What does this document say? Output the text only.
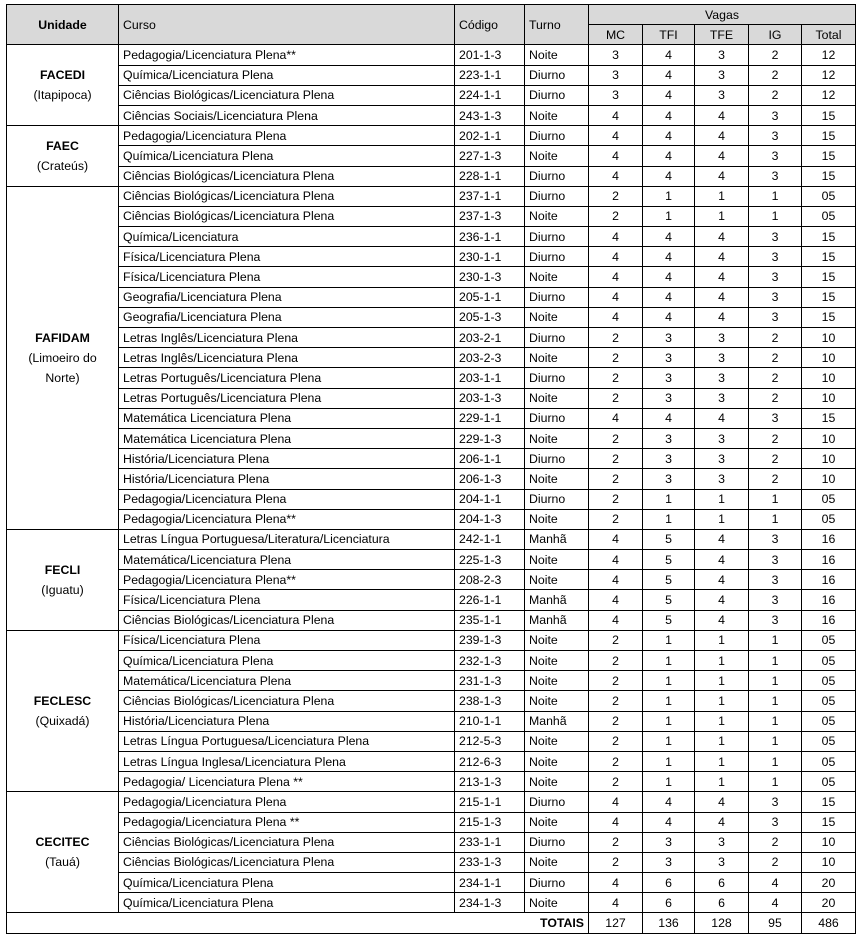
Unidade	Curso	Código	Turno	Vagas				
				MC	TFI	TFE	IG	Total

FACEDI
(Itapipoca)	Pedagogia/Licenciatura Plena**	201-1-3	Noite	3	4	3	2	12
	Química/Licenciatura Plena	223-1-1	Diurno	3	4	3	2	12
	Ciências Biológicas/Licenciatura Plena	224-1-1	Diurno	3	4	3	2	12
	Ciências Sociais/Licenciatura Plena	243-1-3	Noite	4	4	4	3	15

FAEC
(Crateús)	Pedagogia/Licenciatura Plena	202-1-1	Diurno	4	4	4	3	15
	Química/Licenciatura Plena	227-1-3	Noite	4	4	4	3	15
	Ciências Biológicas/Licenciatura Plena	228-1-1	Diurno	4	4	4	3	15

FAFIDAM
(Limoeiro do Norte)	Ciências Biológicas/Licenciatura Plena	237-1-1	Diurno	2	1	1	1	05
	Ciências Biológicas/Licenciatura Plena	237-1-3	Noite	2	1	1	1	05
	Química/Licenciatura	236-1-1	Diurno	4	4	4	3	15
	Física/Licenciatura Plena	230-1-1	Diurno	4	4	4	3	15
	Física/Licenciatura Plena	230-1-3	Noite	4	4	4	3	15
	Geografia/Licenciatura Plena	205-1-1	Diurno	4	4	4	3	15
	Geografia/Licenciatura Plena	205-1-3	Noite	4	4	4	3	15
	Letras Inglês/Licenciatura Plena	203-2-1	Diurno	2	3	3	2	10
	Letras Inglês/Licenciatura Plena	203-2-3	Noite	2	3	3	2	10
	Letras Português/Licenciatura Plena	203-1-1	Diurno	2	3	3	2	10
	Letras Português/Licenciatura Plena	203-1-3	Noite	2	3	3	2	10
	Matemática Licenciatura Plena	229-1-1	Diurno	4	4	4	3	15
	Matemática Licenciatura Plena	229-1-3	Noite	2	3	3	2	10
	História/Licenciatura Plena	206-1-1	Diurno	2	3	3	2	10
	História/Licenciatura Plena	206-1-3	Noite	2	3	3	2	10
	Pedagogia/Licenciatura Plena	204-1-1	Diurno	2	1	1	1	05
	Pedagogia/Licenciatura Plena**	204-1-3	Noite	2	1	1	1	05

FECLI
(Iguatu)	Letras Língua Portuguesa/Literatura/Licenciatura	242-1-1	Manhã	4	5	4	3	16
	Matemática/Licenciatura Plena	225-1-3	Noite	4	5	4	3	16
	Pedagogia/Licenciatura Plena**	208-2-3	Noite	4	5	4	3	16
	Física/Licenciatura Plena	226-1-1	Manhã	4	5	4	3	16
	Ciências Biológicas/Licenciatura Plena	235-1-1	Manhã	4	5	4	3	16

FECLESC
(Quixadá)	Física/Licenciatura Plena	239-1-3	Noite	2	1	1	1	05
	Química/Licenciatura Plena	232-1-3	Noite	2	1	1	1	05
	Matemática/Licenciatura Plena	231-1-3	Noite	2	1	1	1	05
	Ciências Biológicas/Licenciatura Plena	238-1-3	Noite	2	1	1	1	05
	História/Licenciatura Plena	210-1-1	Manhã	2	1	1	1	05
	Letras Língua Portuguesa/Licenciatura Plena	212-5-3	Noite	2	1	1	1	05
	Letras Língua Inglesa/Licenciatura Plena	212-6-3	Noite	2	1	1	1	05
	Pedagogia/ Licenciatura Plena **	213-1-3	Noite	2	1	1	1	05

CECITEC
(Tauá)	Pedagogia/Licenciatura Plena	215-1-1	Diurno	4	4	4	3	15
	Pedagogia/Licenciatura Plena **	215-1-3	Noite	4	4	4	3	15
	Ciências Biológicas/Licenciatura Plena	233-1-1	Diurno	2	3	3	2	10
	Ciências Biológicas/Licenciatura Plena	233-1-3	Noite	2	3	3	2	10
	Química/Licenciatura Plena	234-1-1	Diurno	4	6	6	4	20
	Química/Licenciatura Plena	234-1-3	Noite	4	6	6	4	20
TOTAIS				127	136	128	95	486
